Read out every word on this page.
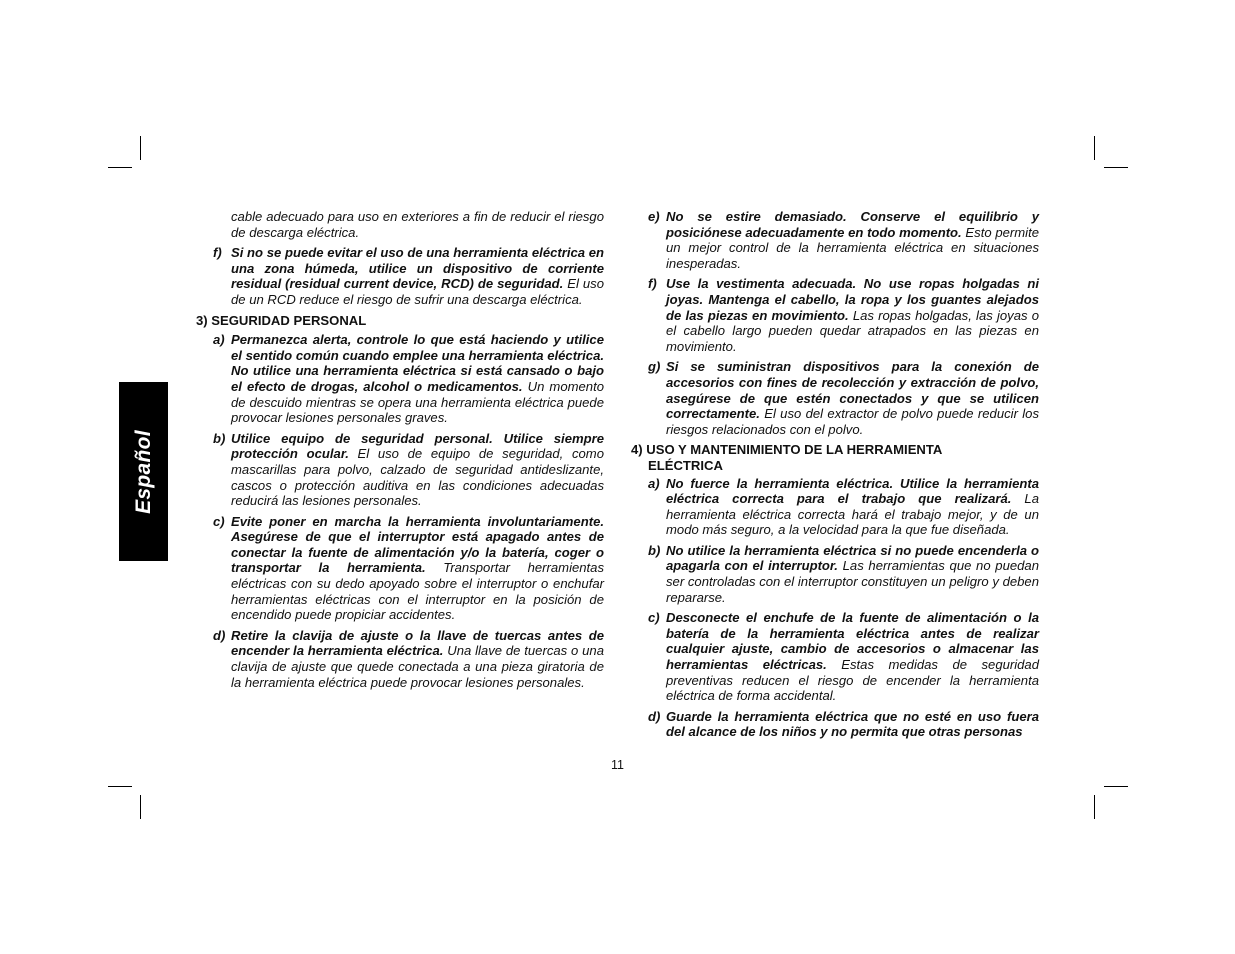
Español

cable adecuado para uso en exteriores a fin de reducir el riesgo de descarga eléctrica.

f) Si no se puede evitar el uso de una herramienta eléctrica en una zona húmeda, utilice un dispositivo de corriente residual (residual current device, RCD) de seguridad. El uso de un RCD reduce el riesgo de sufrir una descarga eléctrica.

3) SEGURIDAD PERSONAL
a) Permanezca alerta, controle lo que está haciendo y utilice el sentido común cuando emplee una herramienta eléctrica. No utilice una herramienta eléctrica si está cansado o bajo el efecto de drogas, alcohol o medicamentos. Un momento de descuido mientras se opera una herramienta eléctrica puede provocar lesiones personales graves.

b) Utilice equipo de seguridad personal. Utilice siempre protección ocular. El uso de equipo de seguridad, como mascarillas para polvo, calzado de seguridad antideslizante, cascos o protección auditiva en las condiciones adecuadas reducirá las lesiones personales.

c) Evite poner en marcha la herramienta involuntariamente. Asegúrese de que el interruptor está apagado antes de conectar la fuente de alimentación y/o la batería, coger o transportar la herramienta. Transportar herramientas eléctricas con su dedo apoyado sobre el interruptor o enchufar herramientas eléctricas con el interruptor en la posición de encendido puede propiciar accidentes.

d) Retire la clavija de ajuste o la llave de tuercas antes de encender la herramienta eléctrica. Una llave de tuercas o una clavija de ajuste que quede conectada a una pieza giratoria de la herramienta eléctrica puede provocar lesiones personales.

e) No se estire demasiado. Conserve el equilibrio y posiciónese adecuadamente en todo momento. Esto permite un mejor control de la herramienta eléctrica en situaciones inesperadas.

f) Use la vestimenta adecuada. No use ropas holgadas ni joyas. Mantenga el cabello, la ropa y los guantes alejados de las piezas en movimiento. Las ropas holgadas, las joyas o el cabello largo pueden quedar atrapados en las piezas en movimiento.

g) Si se suministran dispositivos para la conexión de accesorios con fines de recolección y extracción de polvo, asegúrese de que estén conectados y que se utilicen correctamente. El uso del extractor de polvo puede reducir los riesgos relacionados con el polvo.

4) USO Y MANTENIMIENTO DE LA HERRAMIENTA
ELÉCTRICA
a) No fuerce la herramienta eléctrica. Utilice la herramienta eléctrica correcta para el trabajo que realizará. La herramienta eléctrica correcta hará el trabajo mejor, y de un modo más seguro, a la velocidad para la que fue diseñada.

b) No utilice la herramienta eléctrica si no puede encenderla o apagarla con el interruptor. Las herramientas que no puedan ser controladas con el interruptor constituyen un peligro y deben repararse.

c) Desconecte el enchufe de la fuente de alimentación o la batería de la herramienta eléctrica antes de realizar cualquier ajuste, cambio de accesorios o almacenar las herramientas eléctricas. Estas medidas de seguridad preventivas reducen el riesgo de encender la herramienta eléctrica de forma accidental.

d) Guarde la herramienta eléctrica que no esté en uso fuera del alcance de los niños y no permita que otras personas

11
